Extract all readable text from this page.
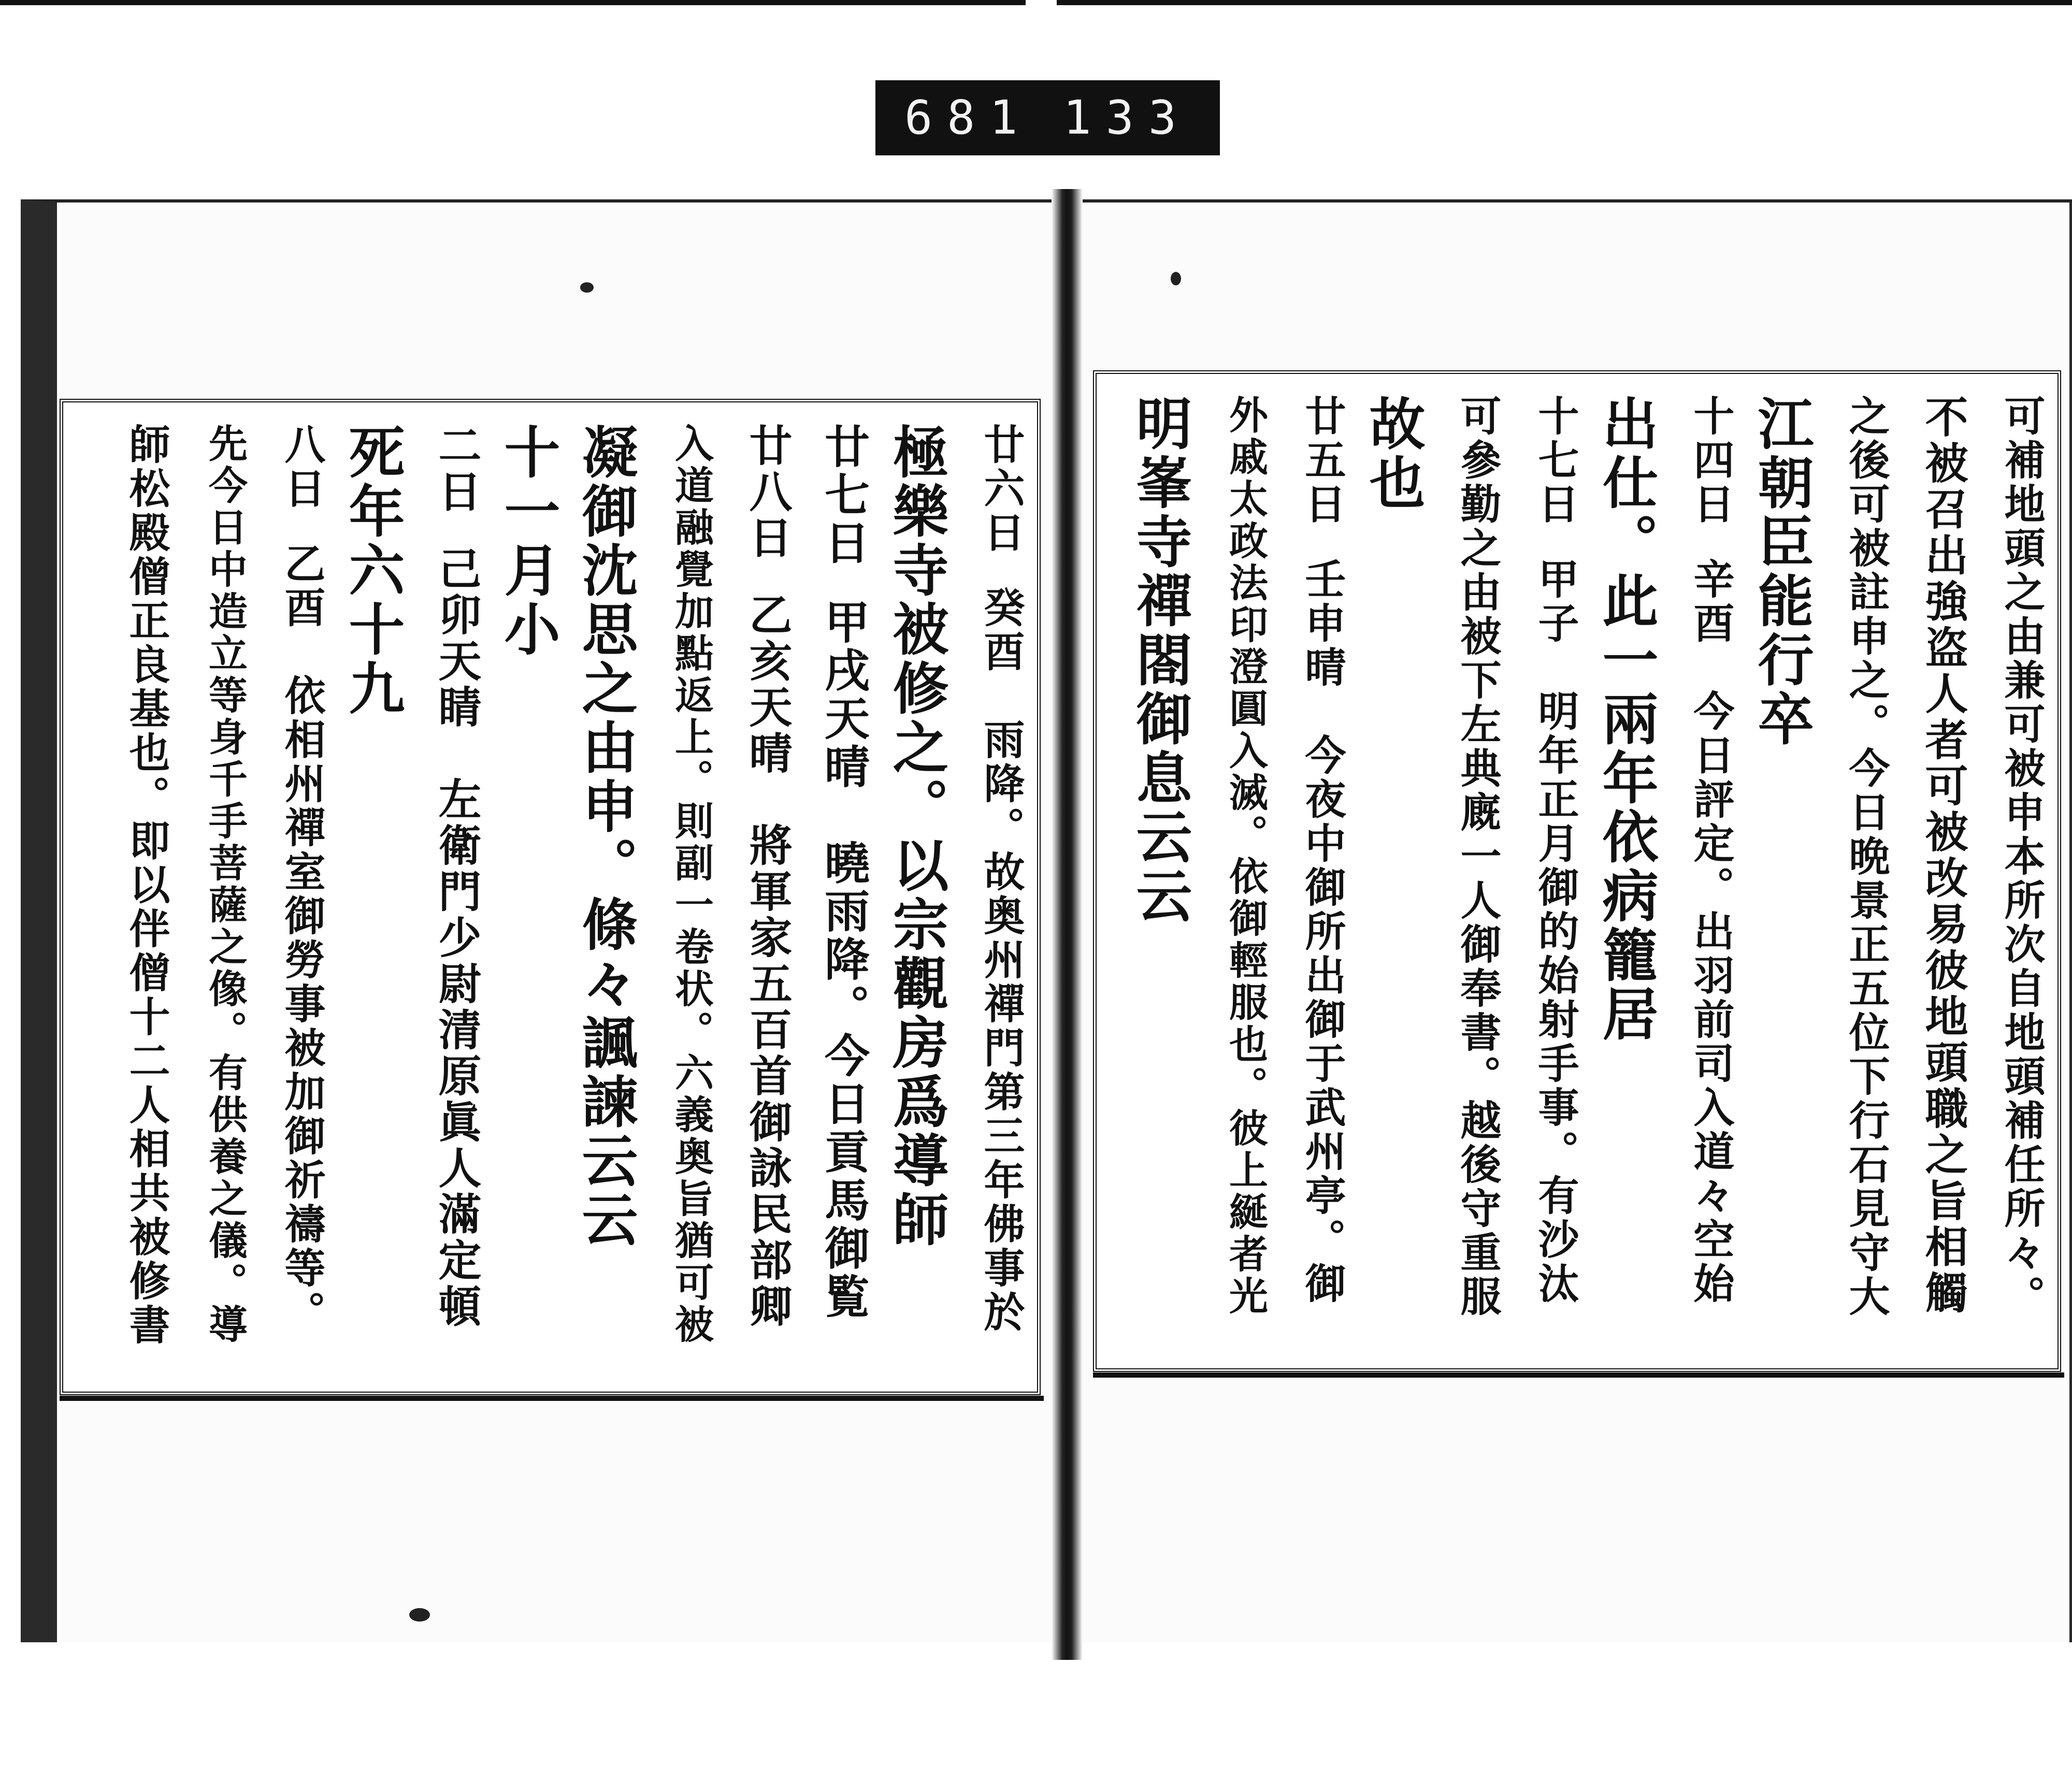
681 133
廿六日癸酉　雨降。故奥州禪門第三年佛事於
極樂寺被修之。以宗觀房爲導師
廿七日甲戌天晴　曉雨降。今日貢馬御覧
廿八日乙亥天晴　將軍家五百首御詠民部卿
入道融覺加點返上。則副一卷状。六義奥旨猶可被
凝御沈思之由申。條々諷諫云云
十一月小
二日己卯天睛　左衛門少尉清原眞人滿定頓
死年六十九
八日乙酉　依相州禪室御勞事被加御祈禱等。
先今日中造立等身千手菩薩之像。有供養之儀。導
師松殿僧正良基也。即以伴僧十二人相共被修書	可補地頭之由兼可被申本所次自地頭補任所々。
不被召出強盗人者可被改易彼地頭職之旨相觸
之後可被註申之。今日晩景正五位下行石見守大
江朝臣能行卒
十四日辛酉　今日評定。出羽前司入道々空始
出仕。此一兩年依病籠居
十七日甲子　明年正月御的始射手事。有沙汰
可參勤之由被下左典廐一人御奉書。越後守重服
故也
廿五日壬申晴　今夜中御所出御于武州亭。御
外戚太政法印澄圓入滅。依御輕服也。彼上綖者光
明峯寺禪閤御息云云
